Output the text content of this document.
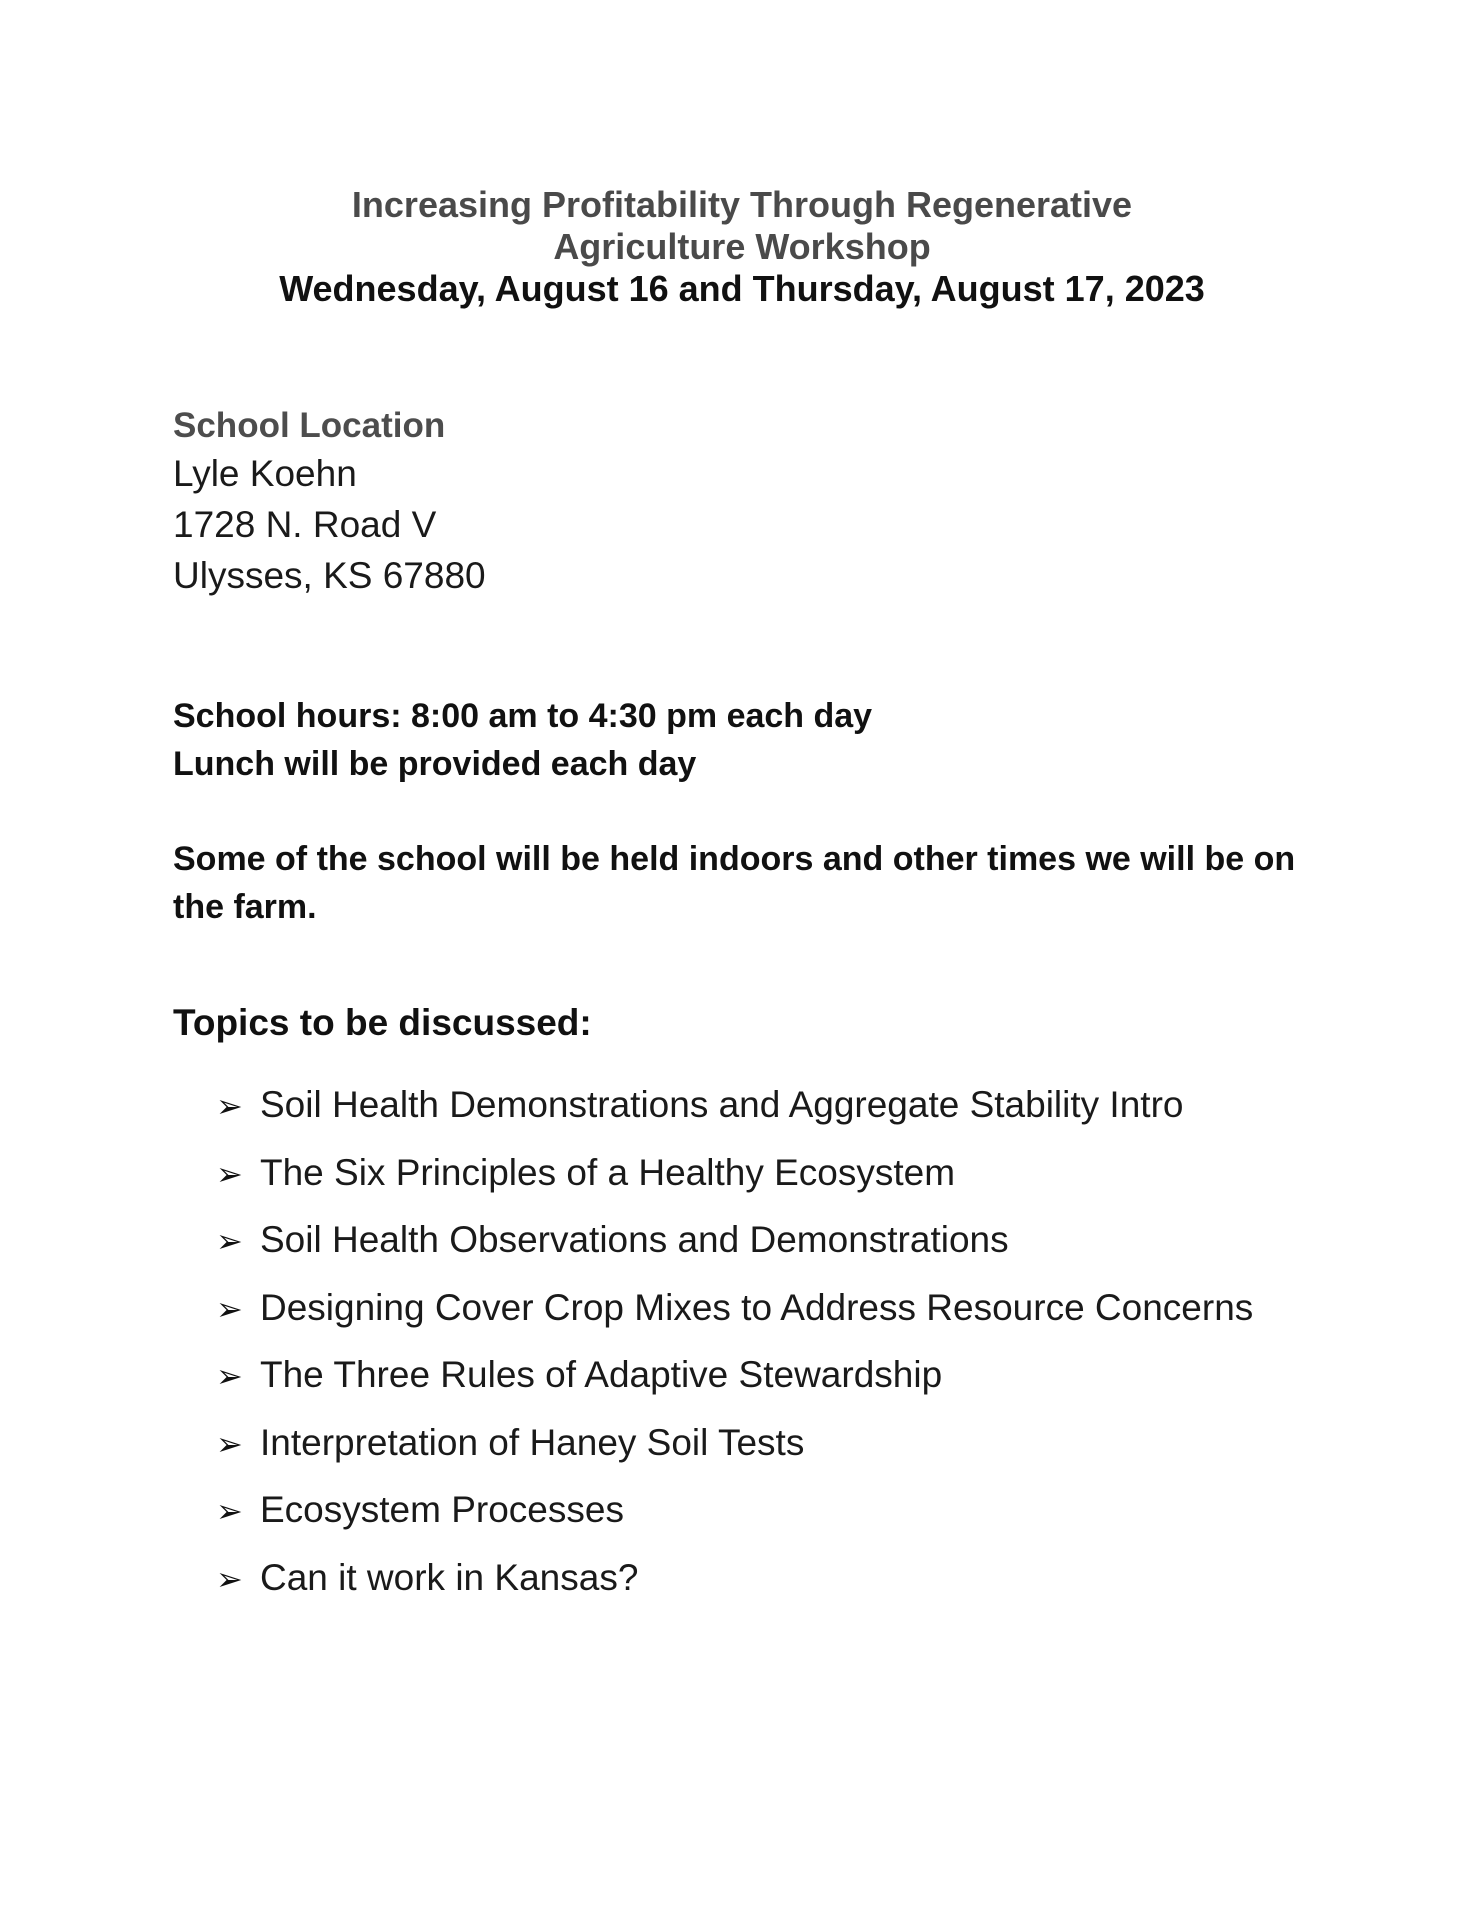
Increasing Profitability Through Regenerative
Agriculture Workshop
Wednesday, August 16 and Thursday, August 17, 2023
School Location
Lyle Koehn
1728 N. Road V
Ulysses, KS 67880
School hours: 8:00 am to 4:30 pm each day
Lunch will be provided each day
Some of the school will be held indoors and other times we will be on the farm.
Topics to be discussed:
➢ Soil Health Demonstrations and Aggregate Stability Intro
➢ The Six Principles of a Healthy Ecosystem
➢ Soil Health Observations and Demonstrations
➢ Designing Cover Crop Mixes to Address Resource Concerns
➢ The Three Rules of Adaptive Stewardship
➢ Interpretation of Haney Soil Tests
➢ Ecosystem Processes
➢ Can it work in Kansas?
